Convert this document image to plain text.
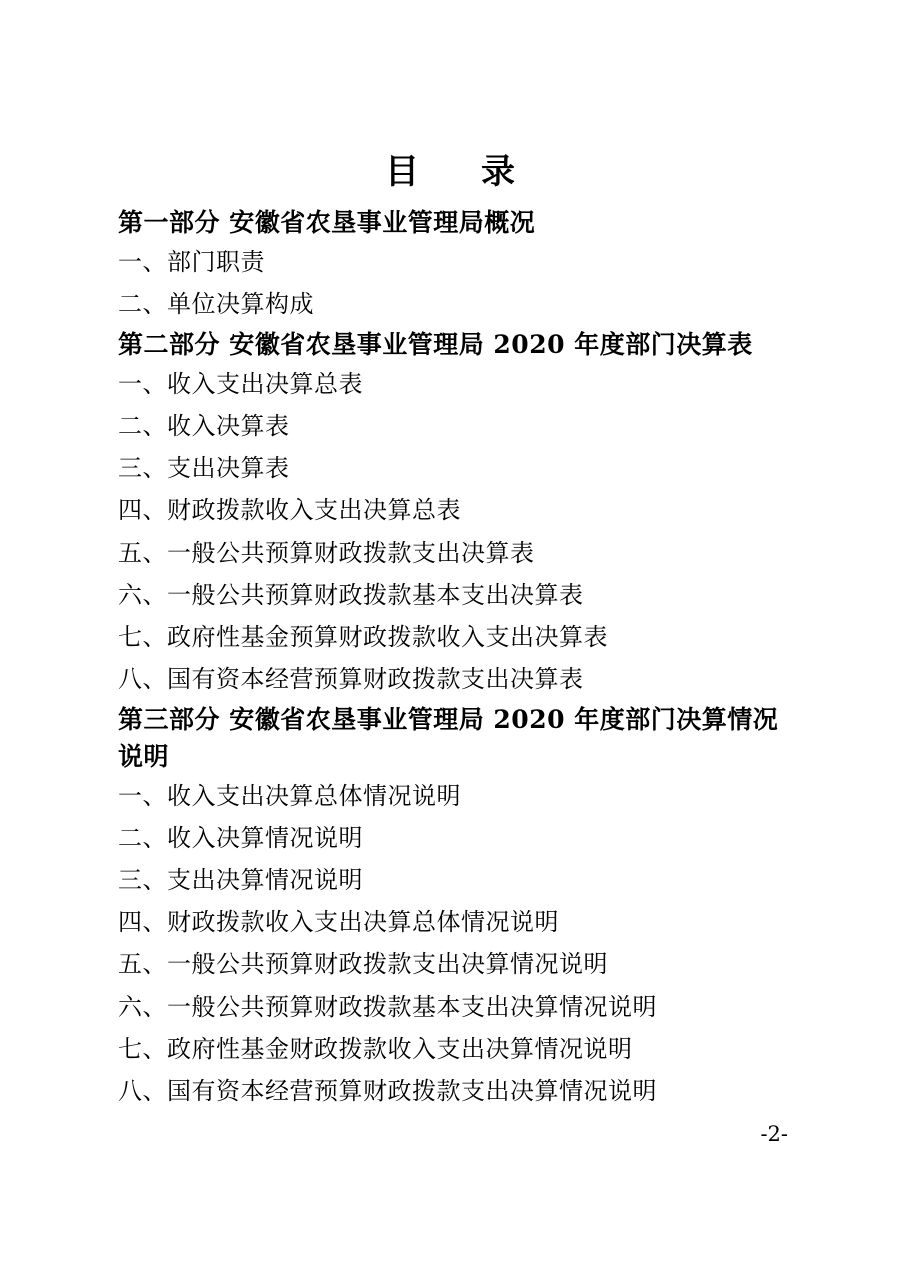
目　录
第一部分 安徽省农垦事业管理局概况
一、部门职责
二、单位决算构成
第二部分 安徽省农垦事业管理局 2020 年度部门决算表
一、收入支出决算总表
二、收入决算表
三、支出决算表
四、财政拨款收入支出决算总表
五、一般公共预算财政拨款支出决算表
六、一般公共预算财政拨款基本支出决算表
七、政府性基金预算财政拨款收入支出决算表
八、国有资本经营预算财政拨款支出决算表
第三部分 安徽省农垦事业管理局 2020 年度部门决算情况说明
一、收入支出决算总体情况说明
二、收入决算情况说明
三、支出决算情况说明
四、财政拨款收入支出决算总体情况说明
五、一般公共预算财政拨款支出决算情况说明
六、一般公共预算财政拨款基本支出决算情况说明
七、政府性基金财政拨款收入支出决算情况说明
八、国有资本经营预算财政拨款支出决算情况说明
-2-
